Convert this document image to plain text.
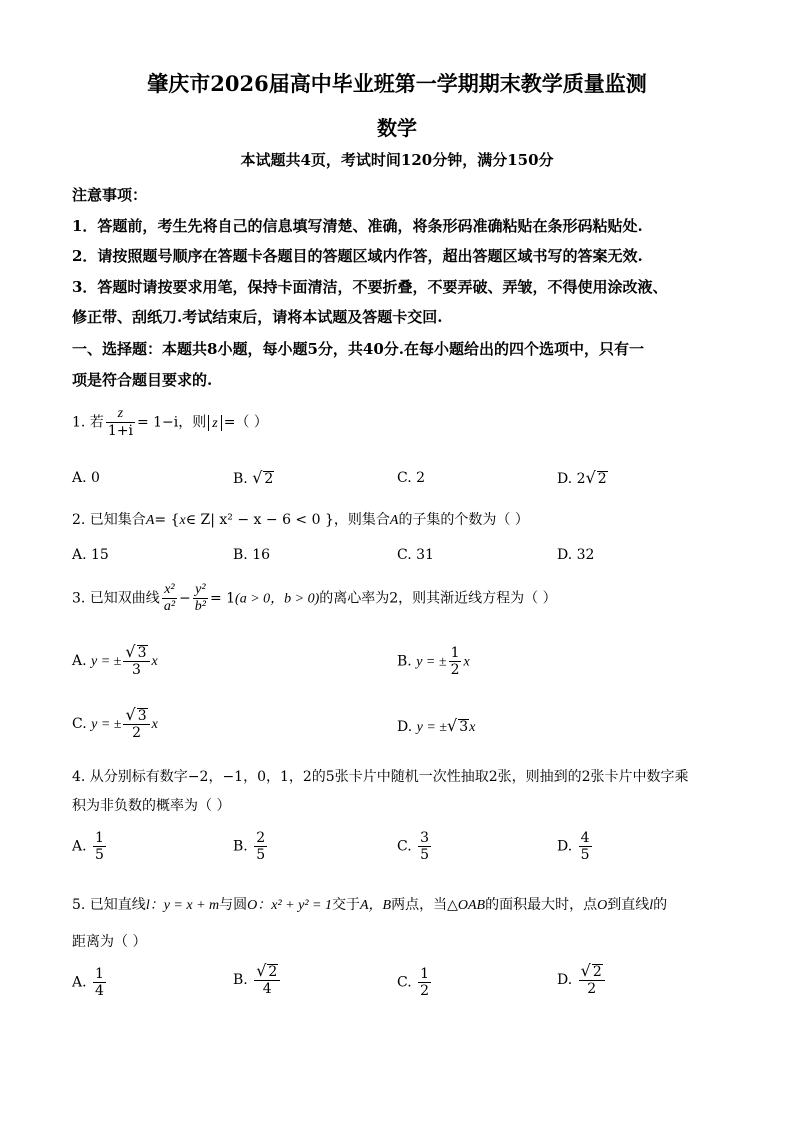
肇庆市2026届高中毕业班第一学期期末教学质量监测
数学
本试题共4页，考试时间120分钟，满分150分
注意事项：
1．答题前，考生先将自己的信息填写清楚、准确，将条形码准确粘贴在条形码粘贴处.
2．请按照题号顺序在答题卡各题目的答题区域内作答，超出答题区域书写的答案无效.
3．答题时请按要求用笔，保持卡面清洁，不要折叠，不要弄破、弄皱，不得使用涂改液、
修正带、刮纸刀.考试结束后，请将本试题及答题卡交回.
一、选择题：本题共8小题，每小题5分，共40分.在每小题给出的四个选项中，只有一
项是符合题目要求的.
1. 若 $\frac{z}{1+i} = 1-i$，则 z =（ ）
A. 0	B. √ 2	C. 2	D. 2√ 2
2. 已知集合A= {x∈ Z| x² − x − 6 < 0 }，则集合A的子集的个数为（ ）
A. 15	B. 16	C. 31	D. 32
3. 已知双曲线 $\frac{\text{x²}}{\text{a²}} - \frac{\text{y²}}{\text{b²}} = 1(a > 0$，b > 0)的离心率为2，则其渐近线方程为（ ）
A. y = ± $\frac{√ 3}{3}$ x	B. y = ± $\frac{1}{2}$ x
C. y = ± $\frac{√ 3}{2}$ x	D. y = ±√ 3x
4. 从分别标有数字−2，−1，0，1，2的5张卡片中随机一次性抽取2张，则抽到的2张卡片中数字乘
积为非负数的概率为（ ）
A. $\frac{1}{5}$	B. $\frac{2}{5}$	C. $\frac{3}{5}$	D. $\frac{4}{5}$
5. 已知直线l：y = x + m与圆O：x² + y² = 1交于A，B两点，当△OAB的面积最大时，点O到直线l的
距离为（ ）
A. $\frac{1}{4}$	B. $\frac{√ 2}{4}$	C. $\frac{1}{2}$	D. $\frac{√ 2}{2}$
